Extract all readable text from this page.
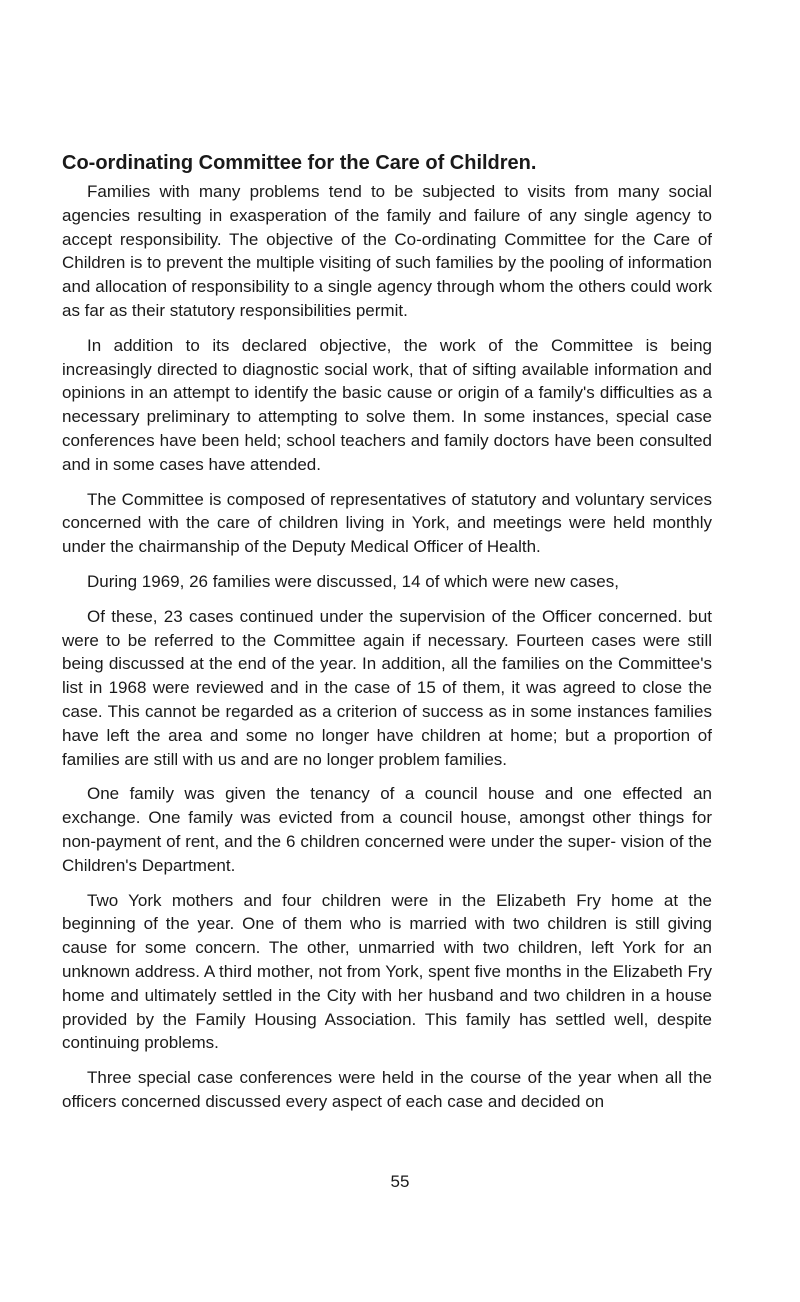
Co-ordinating Committee for the Care of Children.

Families with many problems tend to be subjected to visits from many social agencies resulting in exasperation of the family and failure of any single agency to accept responsibility. The objective of the Co-ordinating Committee for the Care of Children is to prevent the multiple visiting of such families by the pooling of information and allocation of responsibility to a single agency through whom the others could work as far as their statutory responsibilities permit.

In addition to its declared objective, the work of the Committee is being increasingly directed to diagnostic social work, that of sifting available information and opinions in an attempt to identify the basic cause or origin of a family's difficulties as a necessary preliminary to attempting to solve them. In some instances, special case conferences have been held; school teachers and family doctors have been consulted and in some cases have attended.

The Committee is composed of representatives of statutory and voluntary services concerned with the care of children living in York, and meetings were held monthly under the chairmanship of the Deputy Medical Officer of Health.

During 1969, 26 families were discussed, 14 of which were new cases,

Of these, 23 cases continued under the supervision of the Officer concerned. but were to be referred to the Committee again if necessary. Fourteen cases were still being discussed at the end of the year. In addition, all the families on the Committee's list in 1968 were reviewed and in the case of 15 of them, it was agreed to close the case. This cannot be regarded as a criterion of success as in some instances families have left the area and some no longer have children at home; but a proportion of families are still with us and are no longer problem families.

One family was given the tenancy of a council house and one effected an exchange. One family was evicted from a council house, amongst other things for non-payment of rent, and the 6 children concerned were under the super- vision of the Children's Department.

Two York mothers and four children were in the Elizabeth Fry home at the beginning of the year. One of them who is married with two children is still giving cause for some concern. The other, unmarried with two children, left York for an unknown address. A third mother, not from York, spent five months in the Elizabeth Fry home and ultimately settled in the City with her husband and two children in a house provided by the Family Housing Association. This family has settled well, despite continuing problems.

Three special case conferences were held in the course of the year when all the officers concerned discussed every aspect of each case and decided on

55
